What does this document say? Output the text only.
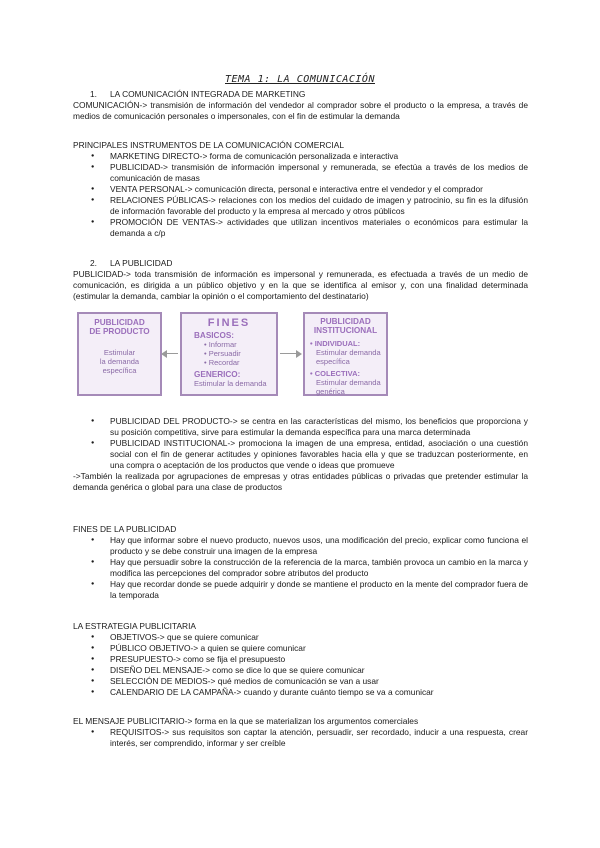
TEMA 1: LA COMUNICACIÓN
1. LA COMUNICACIÓN INTEGRADA DE MARKETING
COMUNICACIÓN-> transmisión de información del vendedor al comprador sobre el producto o la empresa, a través de medios de comunicación personales o impersonales, con el fin de estimular la demanda
PRINCIPALES INSTRUMENTOS DE LA COMUNICACIÓN COMERCIAL
● MARKETING DIRECTO-> forma de comunicación personalizada e interactiva
● PUBLICIDAD-> transmisión de información impersonal y remunerada, se efectúa a través de los medios de comunicación de masas
● VENTA PERSONAL-> comunicación directa, personal e interactiva entre el vendedor y el comprador
● RELACIONES PÚBLICAS-> relaciones con los medios del cuidado de imagen y patrocinio, su fin es la difusión de información favorable del producto y la empresa al mercado y otros públicos
● PROMOCIÓN DE VENTAS-> actividades que utilizan incentivos materiales o económicos para estimular la demanda a c/p
2. LA PUBLICIDAD
PUBLICIDAD-> toda transmisión de información es impersonal y remunerada, es efectuada a través de un medio de comunicación, es dirigida a un público objetivo y en la que se identifica al emisor y, con una finalidad determinada (estimular la demanda, cambiar la opinión o el comportamiento del destinatario)
PUBLICIDAD
DE PRODUCTO
Estimular
la demanda
específica
FINES
BASICOS:
• Informar
• Persuadir
• Recordar
GENERICO:
Estimular la demanda
PUBLICIDAD
INSTITUCIONAL
• INDIVIDUAL:
Estimular demanda
específica
• COLECTIVA:
Estimular demanda
genérica
● PUBLICIDAD DEL PRODUCTO-> se centra en las características del mismo, los beneficios que proporciona y su posición competitiva, sirve para estimular la demanda específica para una marca determinada
● PUBLICIDAD INSTITUCIONAL-> promociona la imagen de una empresa, entidad, asociación o una cuestión social con el fin de generar actitudes y opiniones favorables hacia ella y que se traduzcan posteriormente, en una compra o aceptación de los productos que vende o ideas que promueve
->También la realizada por agrupaciones de empresas y otras entidades públicas o privadas que pretender estimular la demanda genérica o global para una clase de productos
FINES DE LA PUBLICIDAD
● Hay que informar sobre el nuevo producto, nuevos usos, una modificación del precio, explicar como funciona el producto y se debe construir una imagen de la empresa
● Hay que persuadir sobre la construcción de la referencia de la marca, también provoca un cambio en la marca y modifica las percepciones del comprador sobre atributos del producto
● Hay que recordar donde se puede adquirir y donde se mantiene el producto en la mente del comprador fuera de la temporada
LA ESTRATEGIA PUBLICITARIA
● OBJETIVOS-> que se quiere comunicar
● PÚBLICO OBJETIVO-> a quien se quiere comunicar
● PRESUPUESTO-> como se fija el presupuesto
● DISEÑO DEL MENSAJE-> como se dice lo que se quiere comunicar
● SELECCIÓN DE MEDIOS-> qué medios de comunicación se van a usar
● CALENDARIO DE LA CAMPAÑA-> cuando y durante cuánto tiempo se va a comunicar
EL MENSAJE PUBLICITARIO-> forma en la que se materializan los argumentos comerciales
● REQUISITOS-> sus requisitos son captar la atención, persuadir, ser recordado, inducir a una respuesta, crear interés, ser comprendido, informar y ser creíble
